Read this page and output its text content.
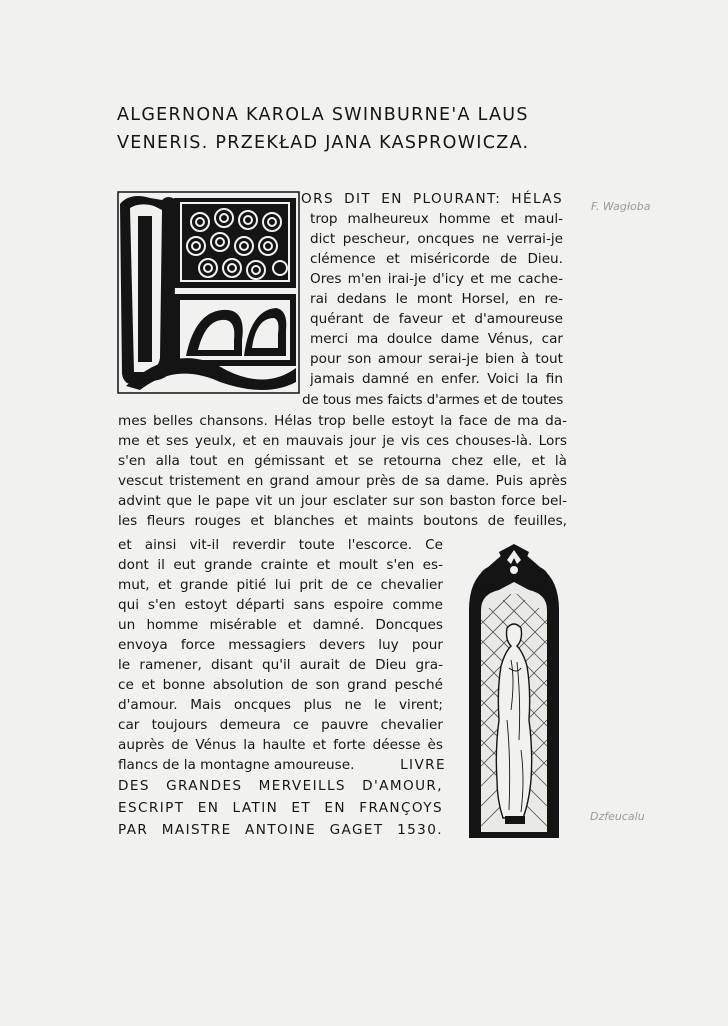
ALGERNONA KAROLA SWINBURNE'A LAUS
VENERIS. PRZEKŁAD JANA KASPROWICZA.
ORS DIT EN PLOURANT: HÉLAS
trop malheureux homme et maul-
dict pescheur, oncques ne verrai-je
clémence et miséricorde de Dieu.
Ores m'en irai-je d'icy et me cache-
rai dedans le mont Horsel, en re-
quérant de faveur et d'amoureuse
merci ma doulce dame Vénus, car
pour son amour serai-je bien à tout
jamais damné en enfer. Voici la fin
de tous mes faicts d'armes et de toutes
mes belles chansons. Hélas trop belle estoyt la face de ma da-
me et ses yeulx, et en mauvais jour je vis ces chouses-là. Lors
s'en alla tout en gémissant et se retourna chez elle, et là
vescut tristement en grand amour près de sa dame. Puis après
advint que le pape vit un jour esclater sur son baston force bel-
les fleurs rouges et blanches et maints boutons de feuilles,
et ainsi vit-il reverdir toute l'escorce. Ce
dont il eut grande crainte et moult s'en es-
mut, et grande pitié lui prit de ce chevalier
qui s'en estoyt départi sans espoire comme
un homme misérable et damné. Doncques
envoya force messagiers devers luy pour
le ramener, disant qu'il aurait de Dieu gra-
ce et bonne absolution de son grand pesché
d'amour. Mais oncques plus ne le virent;
car toujours demeura ce pauvre chevalier
auprès de Vénus la haulte et forte déesse ès
flancs de la montagne amoureuse.	LIVRE
DES GRANDES MERVEILLS D'AMOUR,
ESCRIPT EN LATIN ET EN FRANÇOYS
PAR MAISTRE ANTOINE GAGET 1530.
F. Wagłoba
Dzfeucalu
